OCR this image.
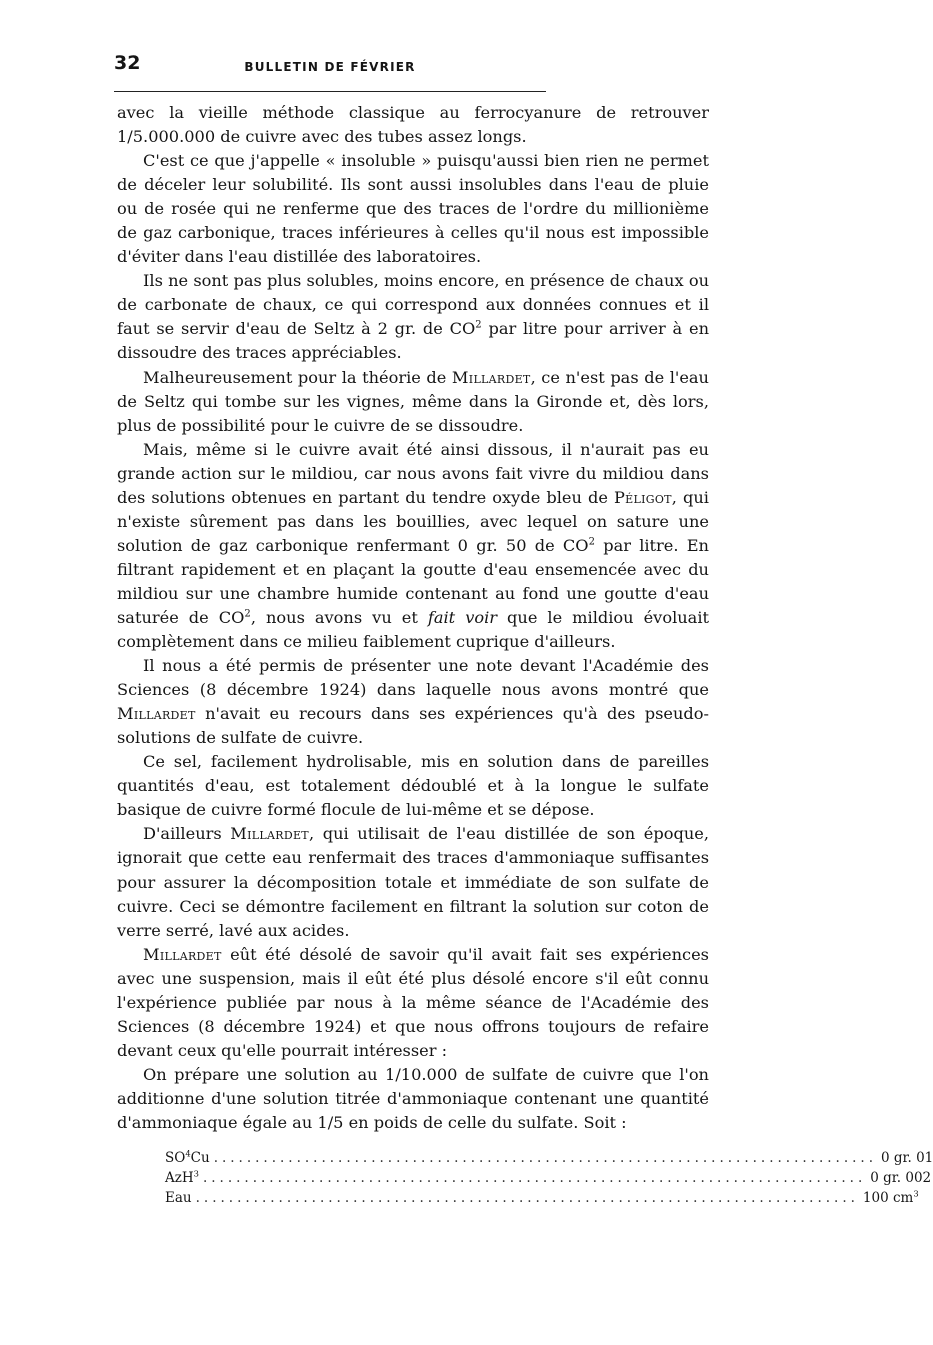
32	BULLETIN DE FÉVRIER

avec la vieille méthode classique au ferrocyanure de retrouver 1/5.000.000 de cuivre avec des tubes assez longs.

C'est ce que j'appelle « insoluble » puisqu'aussi bien rien ne permet de déceler leur solubilité. Ils sont aussi insolubles dans l'eau de pluie ou de rosée qui ne renferme que des traces de l'ordre du millionième de gaz carbonique, traces inférieures à celles qu'il nous est impossible d'éviter dans l'eau distillée des laboratoires.

Ils ne sont pas plus solubles, moins encore, en présence de chaux ou de carbonate de chaux, ce qui correspond aux données connues et il faut se servir d'eau de Seltz à 2 gr. de $CO^2$ par litre pour arriver à en dissoudre des traces appréciables.

Malheureusement pour la théorie de Millardet, ce n'est pas de l'eau de Seltz qui tombe sur les vignes, même dans la Gironde et, dès lors, plus de possibilité pour le cuivre de se dissoudre.

Mais, même si le cuivre avait été ainsi dissous, il n'aurait pas eu grande action sur le mildiou, car nous avons fait vivre du mildiou dans des solutions obtenues en partant du tendre oxyde bleu de Péligot, qui n'existe sûrement pas dans les bouillies, avec lequel on sature une solution de gaz carbonique renfermant 0 gr. 50 de $CO^2$ par litre. En filtrant rapidement et en plaçant la goutte d'eau ensemencée avec du mildiou sur une chambre humide contenant au fond une goutte d'eau saturée de $CO^2$, nous avons vu et fait voir que le mildiou évoluait complètement dans ce milieu faiblement cuprique d'ailleurs.

Il nous a été permis de présenter une note devant l'Académie des Sciences (8 décembre 1924) dans laquelle nous avons montré que Millardet n'avait eu recours dans ses expériences qu'à des pseudo-solutions de sulfate de cuivre.

Ce sel, facilement hydrolisable, mis en solution dans de pareilles quantités d'eau, est totalement dédoublé et à la longue le sulfate basique de cuivre formé flocule de lui-même et se dépose.

D'ailleurs Millardet, qui utilisait de l'eau distillée de son époque, ignorait que cette eau renfermait des traces d'ammoniaque suffisantes pour assurer la décomposition totale et immédiate de son sulfate de cuivre. Ceci se démontre facilement en filtrant la solution sur coton de verre serré, lavé aux acides.

Millardet eût été désolé de savoir qu'il avait fait ses expériences avec une suspension, mais il eût été plus désolé encore s'il eût connu l'expérience publiée par nous à la même séance de l'Académie des Sciences (8 décembre 1924) et que nous offrons toujours de refaire devant ceux qu'elle pourrait intéresser :

On prépare une solution au 1/10.000 de sulfate de cuivre que l'on additionne d'une solution titrée d'ammoniaque contenant une quantité d'ammoniaque égale au 1/5 en poids de celle du sulfate. Soit :

$SO^4Cu$ ................................................................................ 0 gr. 01
AzH$^3$ ................................................................................ 0 gr. 002
Eau ................................................................................ 100 $cm^3$
